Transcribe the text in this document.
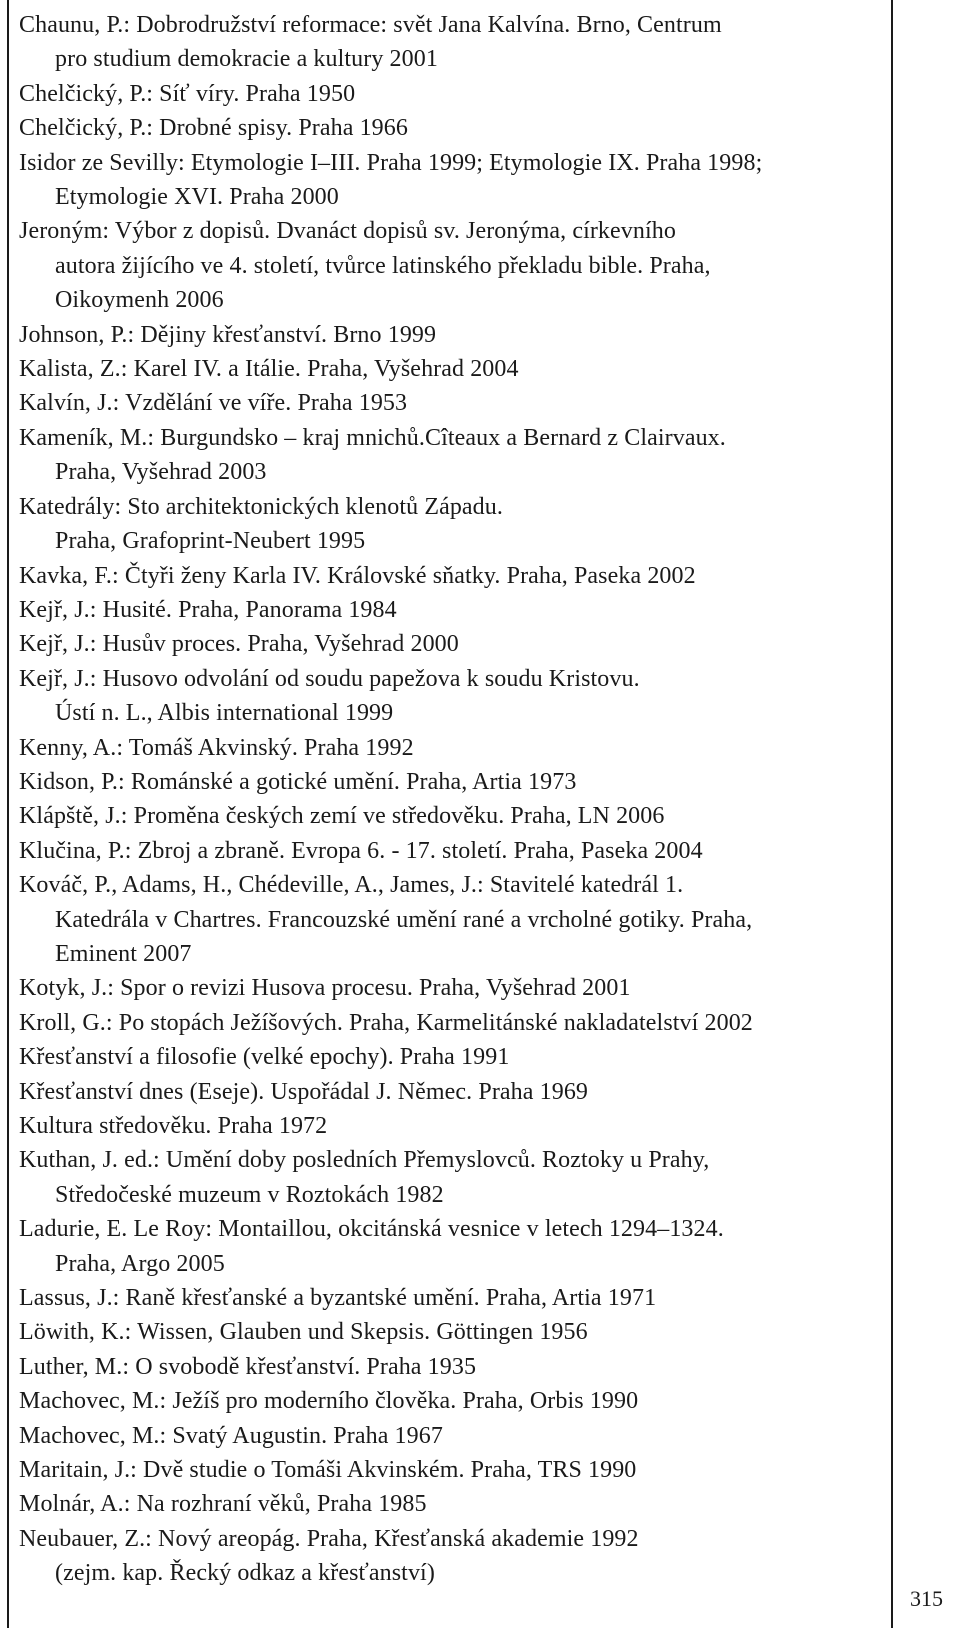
Chaunu, P.: Dobrodružství reformace: svět Jana Kalvína. Brno, Centrum
pro studium demokracie a kultury 2001
Chelčický, P.: Síť víry. Praha 1950
Chelčický, P.: Drobné spisy. Praha 1966
Isidor ze Sevilly: Etymologie I–III. Praha 1999; Etymologie IX. Praha 1998;
Etymologie XVI. Praha 2000
Jeroným: Výbor z dopisů. Dvanáct dopisů sv. Jeronýma, církevního
autora žijícího ve 4. století, tvůrce latinského překladu bible. Praha,
Oikoymenh 2006
Johnson, P.: Dějiny křesťanství. Brno 1999
Kalista, Z.: Karel IV. a Itálie. Praha, Vyšehrad 2004
Kalvín, J.: Vzdělání ve víře. Praha 1953
Kameník, M.: Burgundsko – kraj mnichů.Cîteaux a Bernard z Clairvaux.
Praha, Vyšehrad 2003
Katedrály: Sto architektonických klenotů Západu.
Praha, Grafoprint-Neubert 1995
Kavka, F.: Čtyři ženy Karla IV. Královské sňatky. Praha, Paseka 2002
Kejř, J.: Husité. Praha, Panorama 1984
Kejř, J.: Husův proces. Praha, Vyšehrad 2000
Kejř, J.: Husovo odvolání od soudu papežova k soudu Kristovu.
Ústí n. L., Albis international 1999
Kenny, A.: Tomáš Akvinský. Praha 1992
Kidson, P.: Románské a gotické umění. Praha, Artia 1973
Klápště, J.: Proměna českých zemí ve středověku. Praha, LN 2006
Klučina, P.: Zbroj a zbraně. Evropa 6. - 17. století. Praha, Paseka 2004
Kováč, P., Adams, H., Chédeville, A., James, J.: Stavitelé katedrál 1.
Katedrála v Chartres. Francouzské umění rané a vrcholné gotiky. Praha,
Eminent 2007
Kotyk, J.: Spor o revizi Husova procesu. Praha, Vyšehrad 2001
Kroll, G.: Po stopách Ježíšových. Praha, Karmelitánské nakladatelství 2002
Křesťanství a filosofie (velké epochy). Praha 1991
Křesťanství dnes (Eseje). Uspořádal J. Němec. Praha 1969
Kultura středověku. Praha 1972
Kuthan, J. ed.: Umění doby posledních Přemyslovců. Roztoky u Prahy,
Středočeské muzeum v Roztokách 1982
Ladurie, E. Le Roy: Montaillou, okcitánská vesnice v letech 1294–1324.
Praha, Argo 2005
Lassus, J.: Raně křesťanské a byzantské umění. Praha, Artia 1971
Löwith, K.: Wissen, Glauben und Skepsis. Göttingen 1956
Luther, M.: O svobodě křesťanství. Praha 1935
Machovec, M.: Ježíš pro moderního člověka. Praha, Orbis 1990
Machovec, M.: Svatý Augustin. Praha 1967
Maritain, J.: Dvě studie o Tomáši Akvinském. Praha, TRS 1990
Molnár, A.: Na rozhraní věků, Praha 1985
Neubauer, Z.: Nový areopág. Praha, Křesťanská akademie 1992
(zejm. kap. Řecký odkaz a křesťanství)
315
